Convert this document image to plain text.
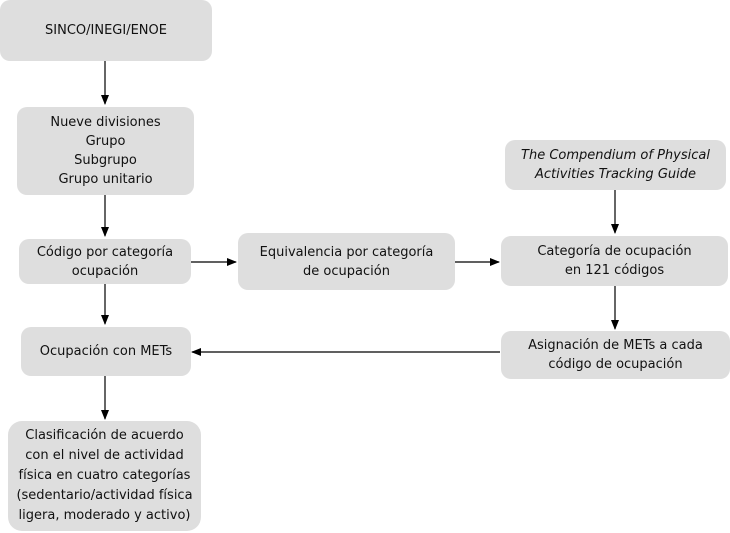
SINCO/INEGI/ENOE
Nueve divisiones
Grupo
Subgrupo
Grupo unitario
Código por categoría
ocupación
Equivalencia por categoría
de ocupación
The Compendium of Physical
Activities Tracking Guide
Categoría de ocupación
en 121 códigos
Asignación de METs a cada
código de ocupación
Ocupación con METs
Clasificación de acuerdo
con el nivel de actividad
física en cuatro categorías
(sedentario/actividad física
ligera, moderado y activo)
